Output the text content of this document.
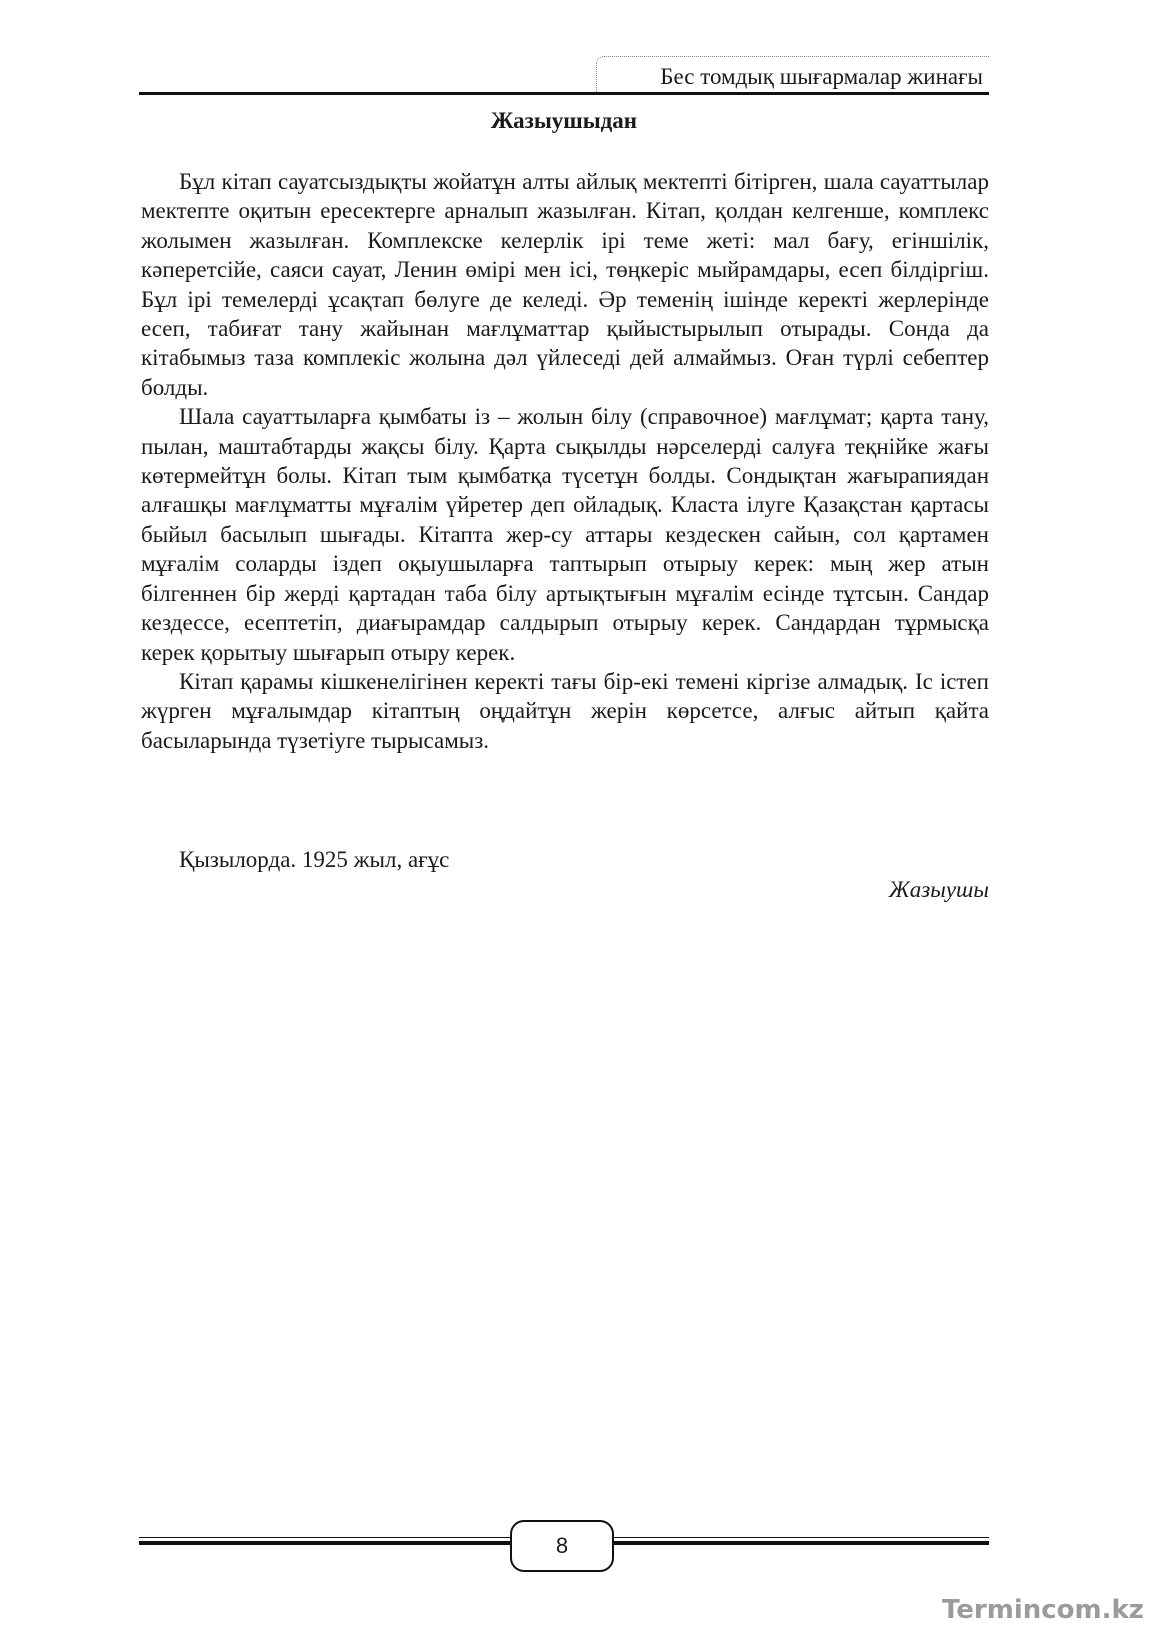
Бес томдық шығармалар жинағы
Жазыушыдан

Бұл кітап сауатсыздықты жойатұн алты айлық мектепті бітірген, шала сауаттылар мектепте оқитын ересектерге арналып жазылған. Кітап, қолдан келгенше, комплекс жолымен жазылған. Комплекске келерлік ірі теме жеті: мал бағу, егіншілік, кәперетсійе, саяси сауат, Ленин өмірі мен ісі, төңкеріс мыйрамдары, есеп білдіргіш. Бұл ірі темелерді ұсақтап бөлуге де келеді. Әр теменің ішінде керекті жерлерінде есеп, табиғат тану жайынан мағлұматтар қыйыстырылып отырады. Сонда да кітабымыз таза комплекіс жолына дәл үйлеседі дей алмаймыз. Оған түрлі себептер болды.

Шала сауаттыларға қымбаты із – жолын білу (справочное) мағлұмат; қарта тану, пылан, маштабтарды жақсы білу. Қарта сықылды нәрселерді салуға теқнійке жағы көтермейтұн болы. Кітап тым қымбатқа түсетұн болды. Сондықтан жағырапиядан алғашқы мағлұматты мұғалім үйретер деп ойладық. Класта ілуге Қазақстан қартасы быйыл басылып шығады. Кітапта жер-су аттары кездескен сайын, сол қартамен мұғалім соларды іздеп оқыушыларға таптырып отырыу керек: мың жер атын білгеннен бір жерді қартадан таба білу артықтығын мұғалім есінде тұтсын. Сандар кездессе, есептетіп, диағырамдар салдырып отырыу керек. Сандардан тұрмысқа керек қорытыу шығарып отыру керек.

Кітап қарамы кішкенелігінен керекті тағы бір-екі темені кіргізе алмадық. Іс істеп жүрген мұғалымдар кітаптың оңдайтұн жерін көрсетсе, алғыс айтып қайта басыларында түзетіуге тырысамыз.

Қызылорда. 1925 жыл, ағұс
Жазыушы
8
Termincom.kz
